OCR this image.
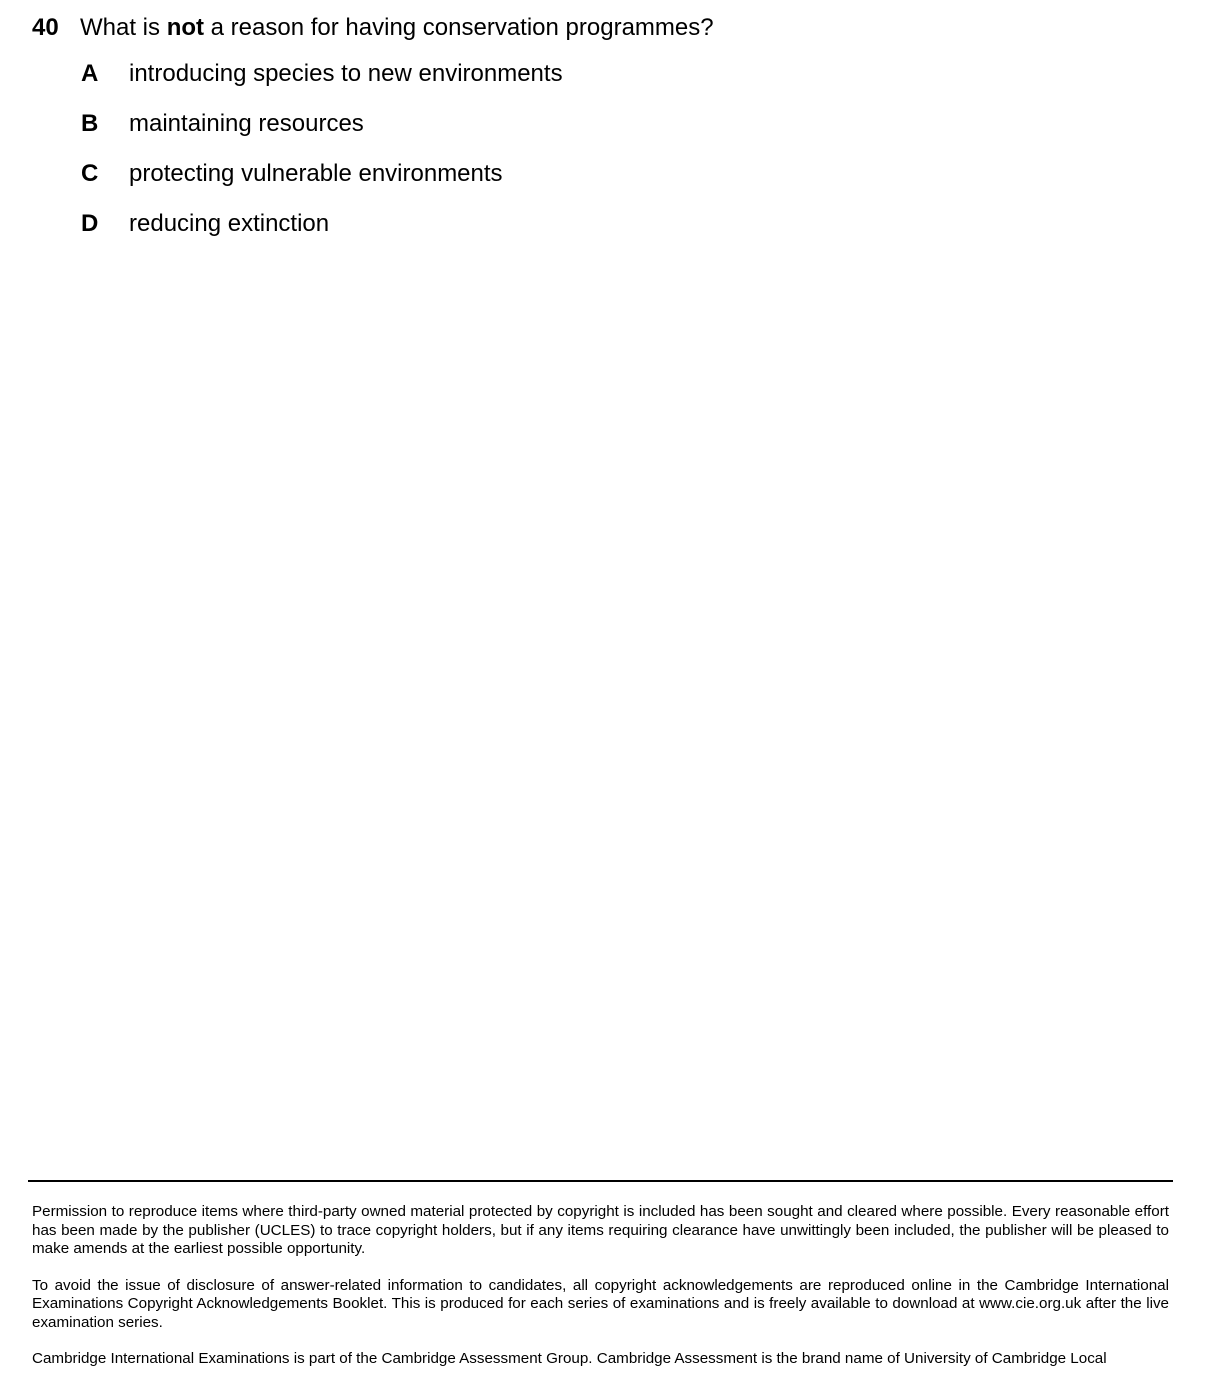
40 What is not a reason for having conservation programmes?
A introducing species to new environments
B maintaining resources
C protecting vulnerable environments
D reducing extinction

Permission to reproduce items where third-party owned material protected by copyright is included has been sought and cleared where possible. Every reasonable effort has been made by the publisher (UCLES) to trace copyright holders, but if any items requiring clearance have unwittingly been included, the publisher will be pleased to make amends at the earliest possible opportunity.

To avoid the issue of disclosure of answer-related information to candidates, all copyright acknowledgements are reproduced online in the Cambridge International Examinations Copyright Acknowledgements Booklet. This is produced for each series of examinations and is freely available to download at www.cie.org.uk after the live examination series.

Cambridge International Examinations is part of the Cambridge Assessment Group. Cambridge Assessment is the brand name of University of Cambridge Local
